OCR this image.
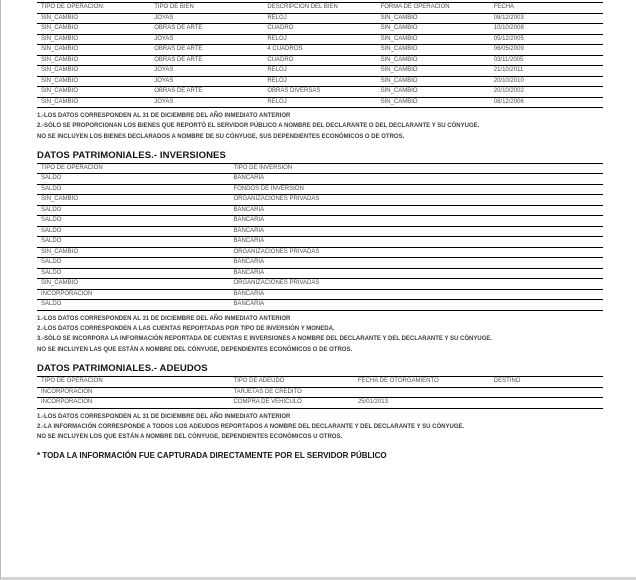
TIPO DE OPERACIÓN:	TIPO DE BIEN	DESCRIPCIÓN DEL BIEN	FORMA DE OPERACIÓN	FECHA
SIN_CAMBIO	JOYAS	RELOJ	SIN_CAMBIO	08/12/2003
SIN_CAMBIO	OBRAS DE ARTE	CUADRO	SIN_CAMBIO	10/10/2008
SIN_CAMBIO	JOYAS	RELOJ	SIN_CAMBIO	05/12/2005
SIN_CAMBIO	OBRAS DE ARTE	4 CUADROS	SIN_CAMBIO	06/05/2009
SIN_CAMBIO	OBRAS DE ARTE	CUADRO	SIN_CAMBIO	03/11/2005
SIN_CAMBIO	JOYAS	RELOJ	SIN_CAMBIO	21/10/2011
SIN_CAMBIO	JOYAS	RELOJ	SIN_CAMBIO	20/10/2010
SIN_CAMBIO	OBRAS DE ARTE	OBRAS DIVERSAS	SIN_CAMBIO	20/10/2002
SIN_CAMBIO	JOYAS	RELOJ	SIN_CAMBIO	08/12/2006
1.-LOS DATOS CORRESPONDEN AL 31 DE DICIEMBRE DEL AÑO INMEDIATO ANTERIOR
2.-SÓLO SE PROPORCIONAN LOS BIENES QUE REPORTÓ EL SERVIDOR PÚBLICO A NOMBRE DEL DECLARANTE O DEL DECLARANTE Y SU CÓNYUGE.
NO SE INCLUYEN LOS BIENES DECLARADOS A NOMBRE DE SU CÓNYUGE, SUS DEPENDIENTES ECONÓMICOS O DE OTROS.
DATOS PATRIMONIALES.- INVERSIONES
TIPO DE OPERACION	TIPO DE INVERSIÓN
SALDO	BANCARIA
SALDO	FONDOS DE INVERSION
SIN_CAMBIO	ORGANIZACIONES PRIVADAS
SALDO	BANCARIA
SALDO	BANCARIA
SALDO	BANCARIA
SALDO	BANCARIA
SIN_CAMBIO	ORGANIZACIONES PRIVADAS
SALDO	BANCARIA
SALDO	BANCARIA
SIN_CAMBIO	ORGANIZACIONES PRIVADAS
INCORPORACION	BANCARIA
SALDO	BANCARIA
1.-LOS DATOS CORRESPONDEN AL 31 DE DICIEMBRE DEL AÑO INMEDIATO ANTERIOR
2.-LOS DATOS CORRESPONDEN A LAS CUENTAS REPORTADAS POR TIPO DE INVERSIÓN Y MONEDA.
3.-SÓLO SE INCORPORA LA INFORMACIÓN REPORTADA DE CUENTAS E INVERSIONES A NOMBRE DEL DECLARANTE Y DEL DECLARANTE Y SU CÓNYUGE.
NO SE INCLUYEN LAS QUE ESTÁN A NOMBRE DEL CÓNYUGE, DEPENDIENTES ECONÓMICOS O DE OTROS.
DATOS PATRIMONIALES.- ADEUDOS
TIPO DE OPERACIÓN	TIPO DE ADEUDO	FECHA DE OTORGAMIENTO	DESTINO
INCORPORACION	TARJETAS DE CREDITO		
INCORPORACION	COMPRA DE VEHICULO	25/01/2013	
1.-LOS DATOS CORRESPONDEN AL 31 DE DICIEMBRE DEL AÑO INMEDIATO ANTERIOR
2.-LA INFORMACIÓN CORRESPONDE A TODOS LOS ADEUDOS REPORTADOS A NOMBRE DEL DECLARANTE Y DEL DECLARANTE Y SU CÓNYUGE.
NO SE INCLUYEN LOS QUE ESTÁN A NOMBRE DEL CÓNYUGE, DEPENDIENTES ECONÓMICOS U OTROS.
* TODA LA INFORMACIÓN FUE CAPTURADA DIRECTAMENTE POR EL SERVIDOR PÚBLICO
